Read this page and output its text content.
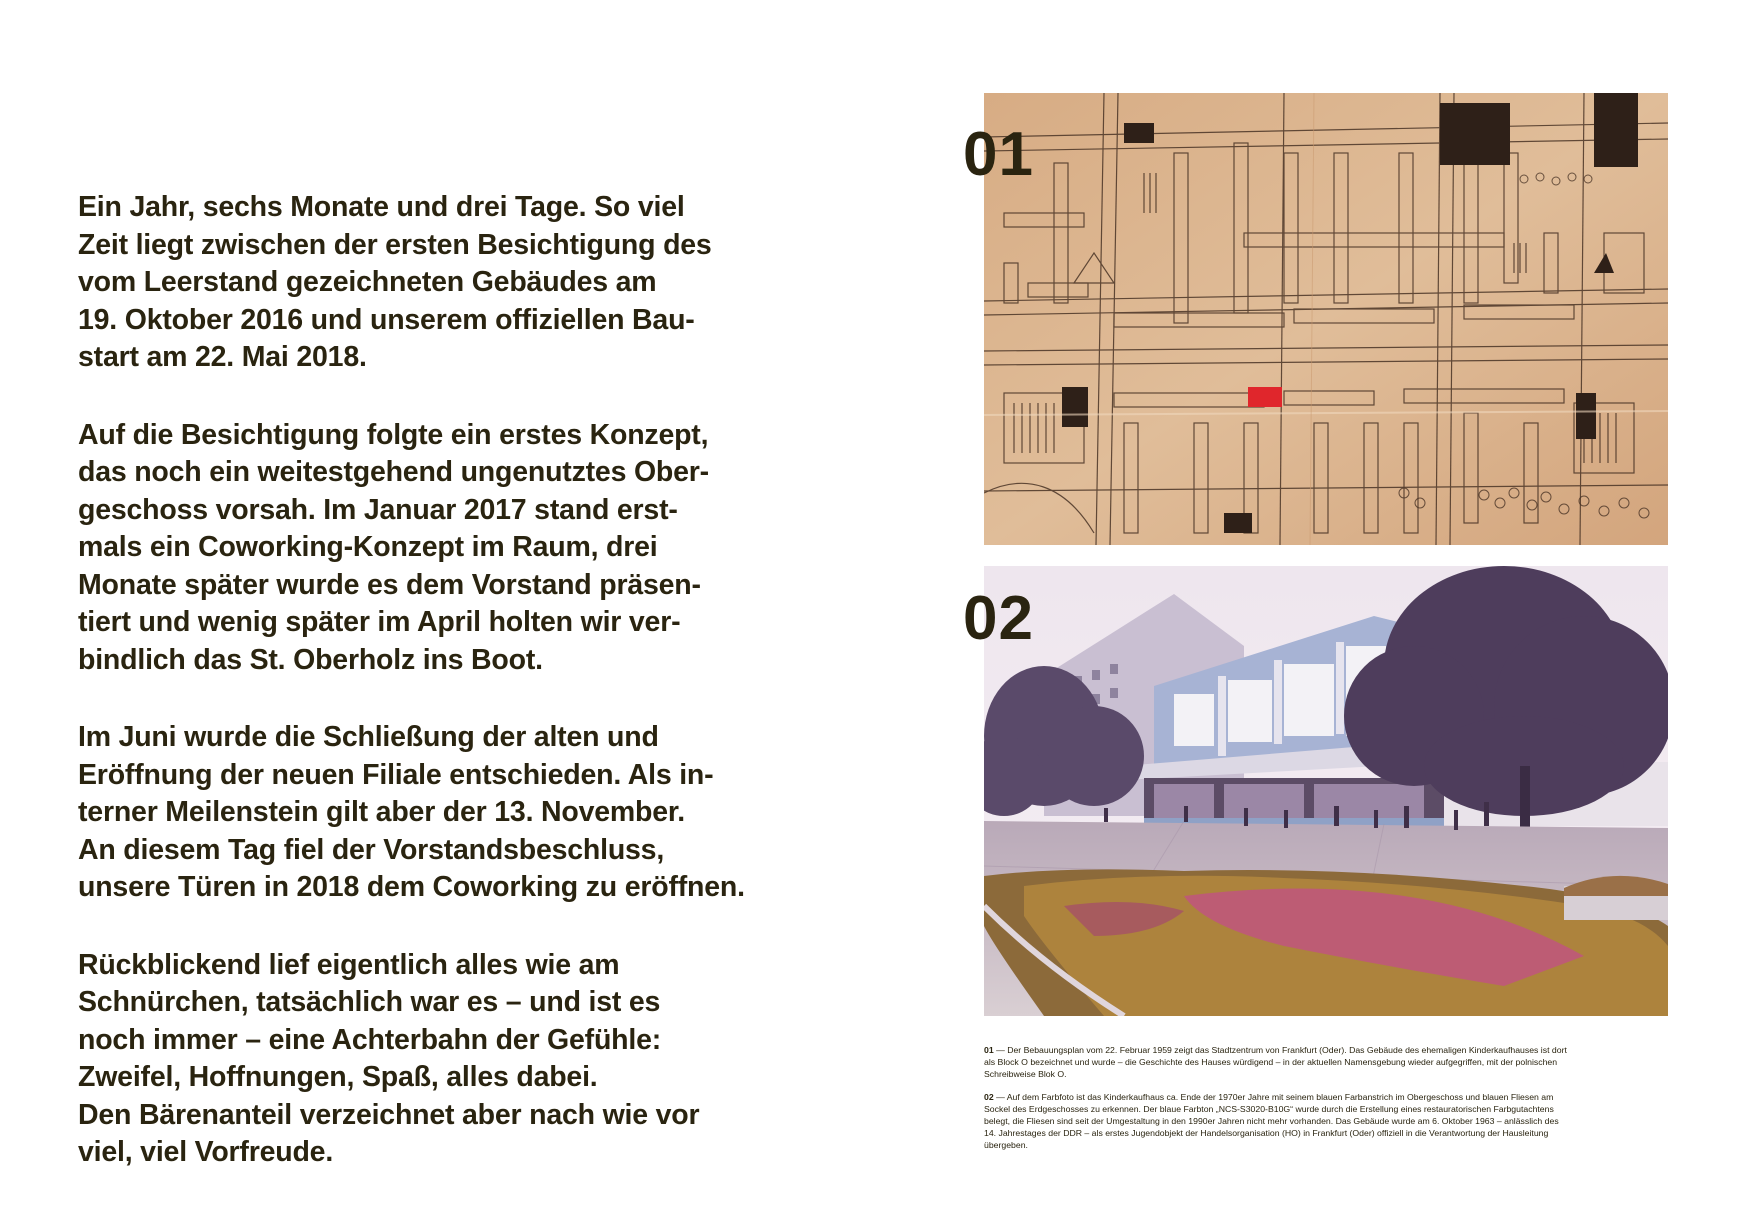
Ein Jahr, sechs Monate und drei Tage. So viel
Zeit liegt zwischen der ersten Besichtigung des
vom Leerstand gezeichneten Gebäudes am
19. Oktober 2016 und unserem offiziellen Bau-
start am 22. Mai 2018.

Auf die Besichtigung folgte ein erstes Konzept,
das noch ein weitestgehend ungenutztes Ober-
geschoss vorsah. Im Januar 2017 stand erst-
mals ein Coworking-Konzept im Raum, drei
Monate später wurde es dem Vorstand präsen-
tiert und wenig später im April holten wir ver-
bindlich das St. Oberholz ins Boot.

Im Juni wurde die Schließung der alten und
Eröffnung der neuen Filiale entschieden. Als in-
terner Meilenstein gilt aber der 13. November.
An diesem Tag fiel der Vorstandsbeschluss,
unsere Türen in 2018 dem Coworking zu eröffnen.

Rückblickend lief eigentlich alles wie am
Schnürchen, tatsächlich war es – und ist es
noch immer – eine Achterbahn der Gefühle:
Zweifel, Hoffnungen, Spaß, alles dabei.
Den Bärenanteil verzeichnet aber nach wie vor
viel, viel Vorfreude.

01
02
01 — Der Bebauungsplan vom 22. Februar 1959 zeigt das Stadtzentrum von Frankfurt (Oder). Das Gebäude des ehemaligen Kinderkaufhauses ist dort
als Block O bezeichnet und wurde – die Geschichte des Hauses würdigend – in der aktuellen Namensgebung wieder aufgegriffen, mit der polnischen
Schreibweise Blok O.
02 — Auf dem Farbfoto ist das Kinderkaufhaus ca. Ende der 1970er Jahre mit seinem blauen Farbanstrich im Obergeschoss und blauen Fliesen am
Sockel des Erdgeschosses zu erkennen. Der blaue Farbton „NCS-S3020-B10G“ wurde durch die Erstellung eines restauratorischen Farbgutachtens
belegt, die Fliesen sind seit der Umgestaltung in den 1990er Jahren nicht mehr vorhanden. Das Gebäude wurde am 6. Oktober 1963 – anlässlich des
14. Jahrestages der DDR – als erstes Jugendobjekt der Handelsorganisation (HO) in Frankfurt (Oder) offiziell in die Verantwortung der Hausleitung
übergeben.
